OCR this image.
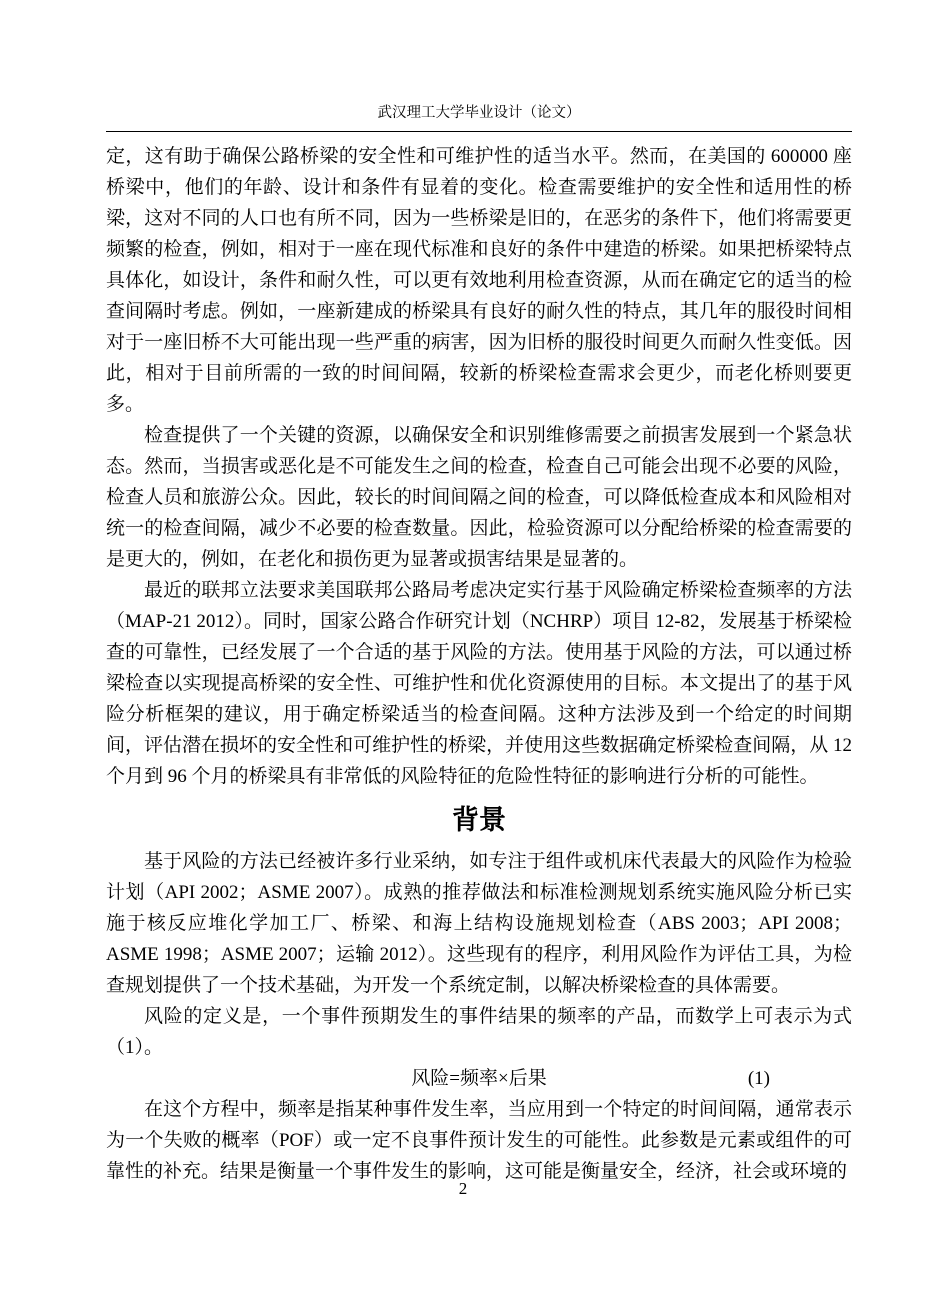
武汉理工大学毕业设计（论文）

定，这有助于确保公路桥梁的安全性和可维护性的适当水平。然而，在美国的 600000 座桥梁中，他们的年龄、设计和条件有显着的变化。检查需要维护的安全性和适用性的桥梁，这对不同的人口也有所不同，因为一些桥梁是旧的，在恶劣的条件下，他们将需要更频繁的检查，例如，相对于一座在现代标准和良好的条件中建造的桥梁。如果把桥梁特点具体化，如设计，条件和耐久性，可以更有效地利用检查资源，从而在确定它的适当的检查间隔时考虑。例如，一座新建成的桥梁具有良好的耐久性的特点，其几年的服役时间相对于一座旧桥不大可能出现一些严重的病害，因为旧桥的服役时间更久而耐久性变低。因此，相对于目前所需的一致的时间间隔，较新的桥梁检查需求会更少，而老化桥则要更多。

检查提供了一个关键的资源，以确保安全和识别维修需要之前损害发展到一个紧急状态。然而，当损害或恶化是不可能发生之间的检查，检查自己可能会出现不必要的风险，检查人员和旅游公众。因此，较长的时间间隔之间的检查，可以降低检查成本和风险相对统一的检查间隔，减少不必要的检查数量。因此，检验资源可以分配给桥梁的检查需要的是更大的，例如，在老化和损伤更为显著或损害结果是显著的。

最近的联邦立法要求美国联邦公路局考虑决定实行基于风险确定桥梁检查频率的方法（MAP-21 2012）。同时，国家公路合作研究计划（NCHRP）项目 12-82，发展基于桥梁检查的可靠性，已经发展了一个合适的基于风险的方法。使用基于风险的方法，可以通过桥梁检查以实现提高桥梁的安全性、可维护性和优化资源使用的目标。本文提出了的基于风险分析框架的建议，用于确定桥梁适当的检查间隔。这种方法涉及到一个给定的时间期间，评估潜在损坏的安全性和可维护性的桥梁，并使用这些数据确定桥梁检查间隔，从 12 个月到 96 个月的桥梁具有非常低的风险特征的危险性特征的影响进行分析的可能性。

背景

基于风险的方法已经被许多行业采纳，如专注于组件或机床代表最大的风险作为检验计划（API 2002；ASME 2007）。成熟的推荐做法和标准检测规划系统实施风险分析已实施于核反应堆化学加工厂、桥梁、和海上结构设施规划检查（ABS 2003；API 2008；ASME 1998；ASME 2007；运输 2012）。这些现有的程序，利用风险作为评估工具，为检查规划提供了一个技术基础，为开发一个系统定制，以解决桥梁检查的具体需要。

风险的定义是，一个事件预期发生的事件结果的频率的产品，而数学上可表示为式（1）。

风险=频率×后果	(1)

在这个方程中，频率是指某种事件发生率，当应用到一个特定的时间间隔，通常表示为一个失败的概率（POF）或一定不良事件预计发生的可能性。此参数是元素或组件的可靠性的补充。结果是衡量一个事件发生的影响，这可能是衡量安全，经济，社会或环境的

2
